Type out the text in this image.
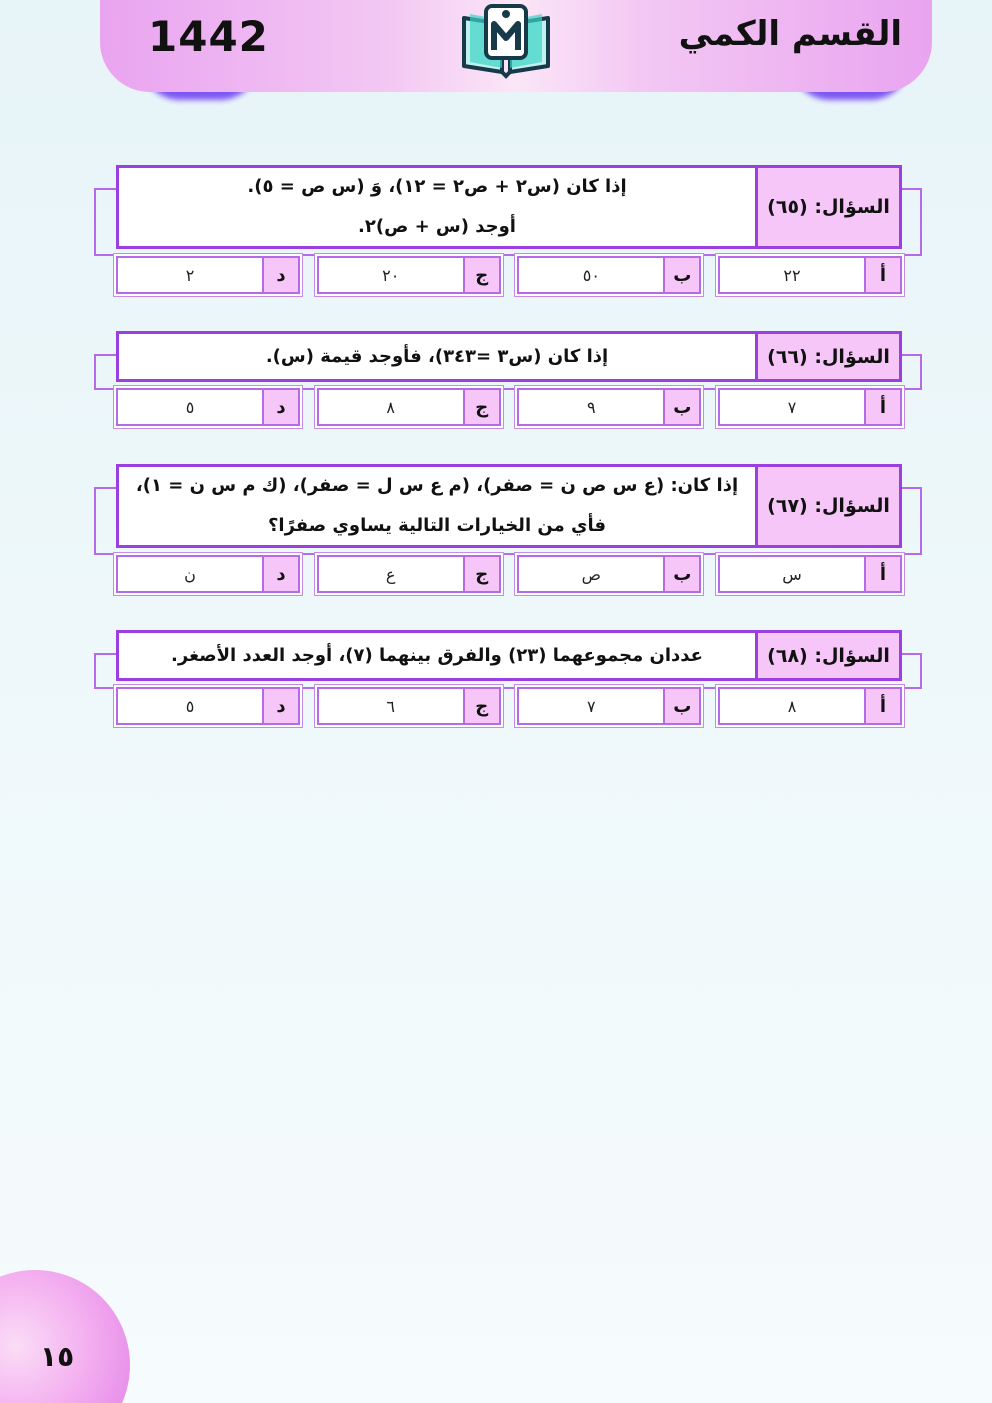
1442	القسم الكمي
السؤال: (٦٥)
إذا كان (س٢ + ص٢ = ١٢)، وَ (س ص = ٥).
أوجد (س + ص)٢.
أ
٢٢
ب
٥٠
ج
٢٠
د
٢
السؤال: (٦٦)
إذا كان (س٣ =٣٤٣)، فأوجد قيمة (س).
أ
٧
ب
٩
ج
٨
د
٥
السؤال: (٦٧)
إذا كان: (ع س ص ن = صفر)، (م ع س ل = صفر)، (ك م س ن = ١)،
فأي من الخيارات التالية يساوي صفرًا؟
أ
س
ب
ص
ج
ع
د
ن
السؤال: (٦٨)
عددان مجموعهما (٢٣) والفرق بينهما (٧)، أوجد العدد الأصغر.
أ
٨
ب
٧
ج
٦
د
٥
١٥
